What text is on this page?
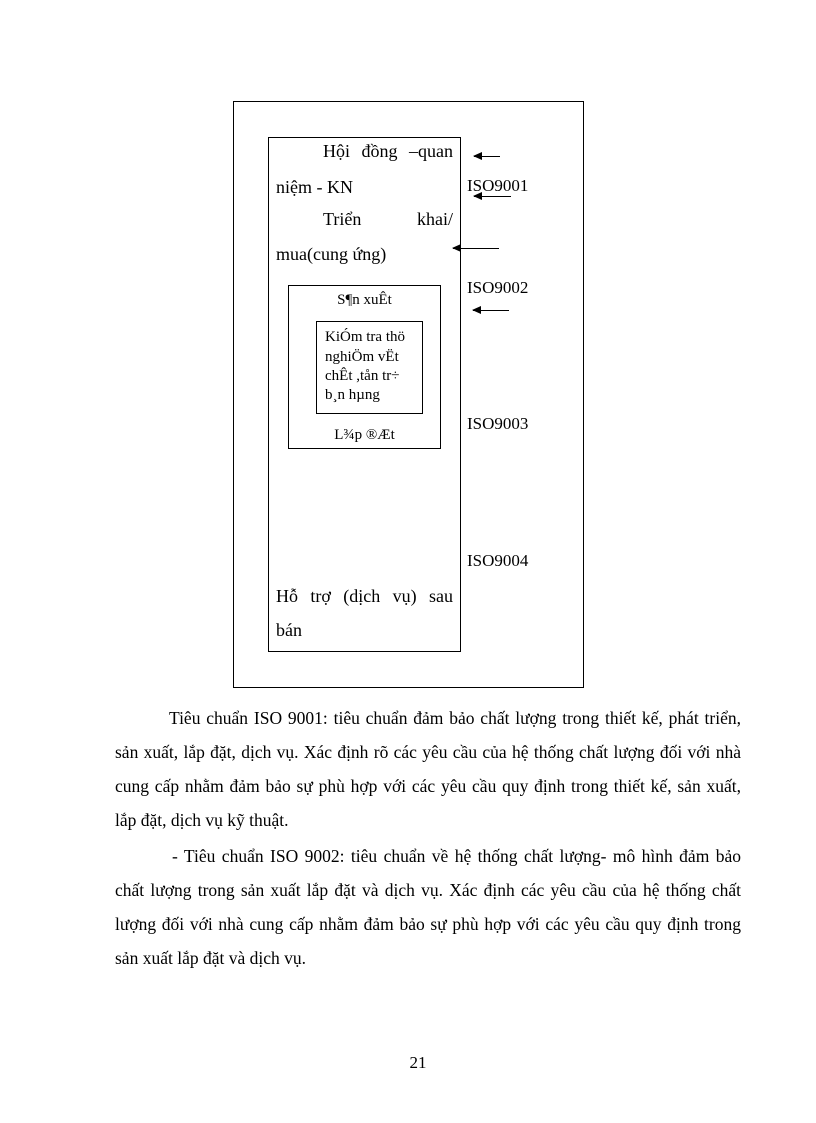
Hội đồng –quan
niệm - KN
Triển khai/
mua(cung ứng)
S¶n xuÊt
KiÓm tra thö
nghiÖm vËt
chÊt ,tån tr÷
b¸n hµng
L¾p ®Æt
Hỗ trợ (dịch vụ) sau
bán
ISO9001
ISO9002
ISO9003
ISO9004

Tiêu chuẩn ISO 9001: tiêu chuẩn đảm bảo chất lượng trong thiết kế, phát triển, sản xuất, lắp đặt, dịch vụ. Xác định rõ các yêu cầu của hệ thống chất lượng đối với nhà cung cấp nhằm đảm bảo sự phù hợp với các yêu cầu quy định trong thiết kế, sản xuất, lắp đặt, dịch vụ kỹ thuật.

- Tiêu chuẩn ISO 9002: tiêu chuẩn về hệ thống chất lượng- mô hình đảm bảo chất lượng trong sản xuất lắp đặt và dịch vụ. Xác định các yêu cầu của hệ thống chất lượng đối với nhà cung cấp nhằm đảm bảo sự phù hợp với các yêu cầu quy định trong sản xuất lắp đặt và dịch vụ.

21
